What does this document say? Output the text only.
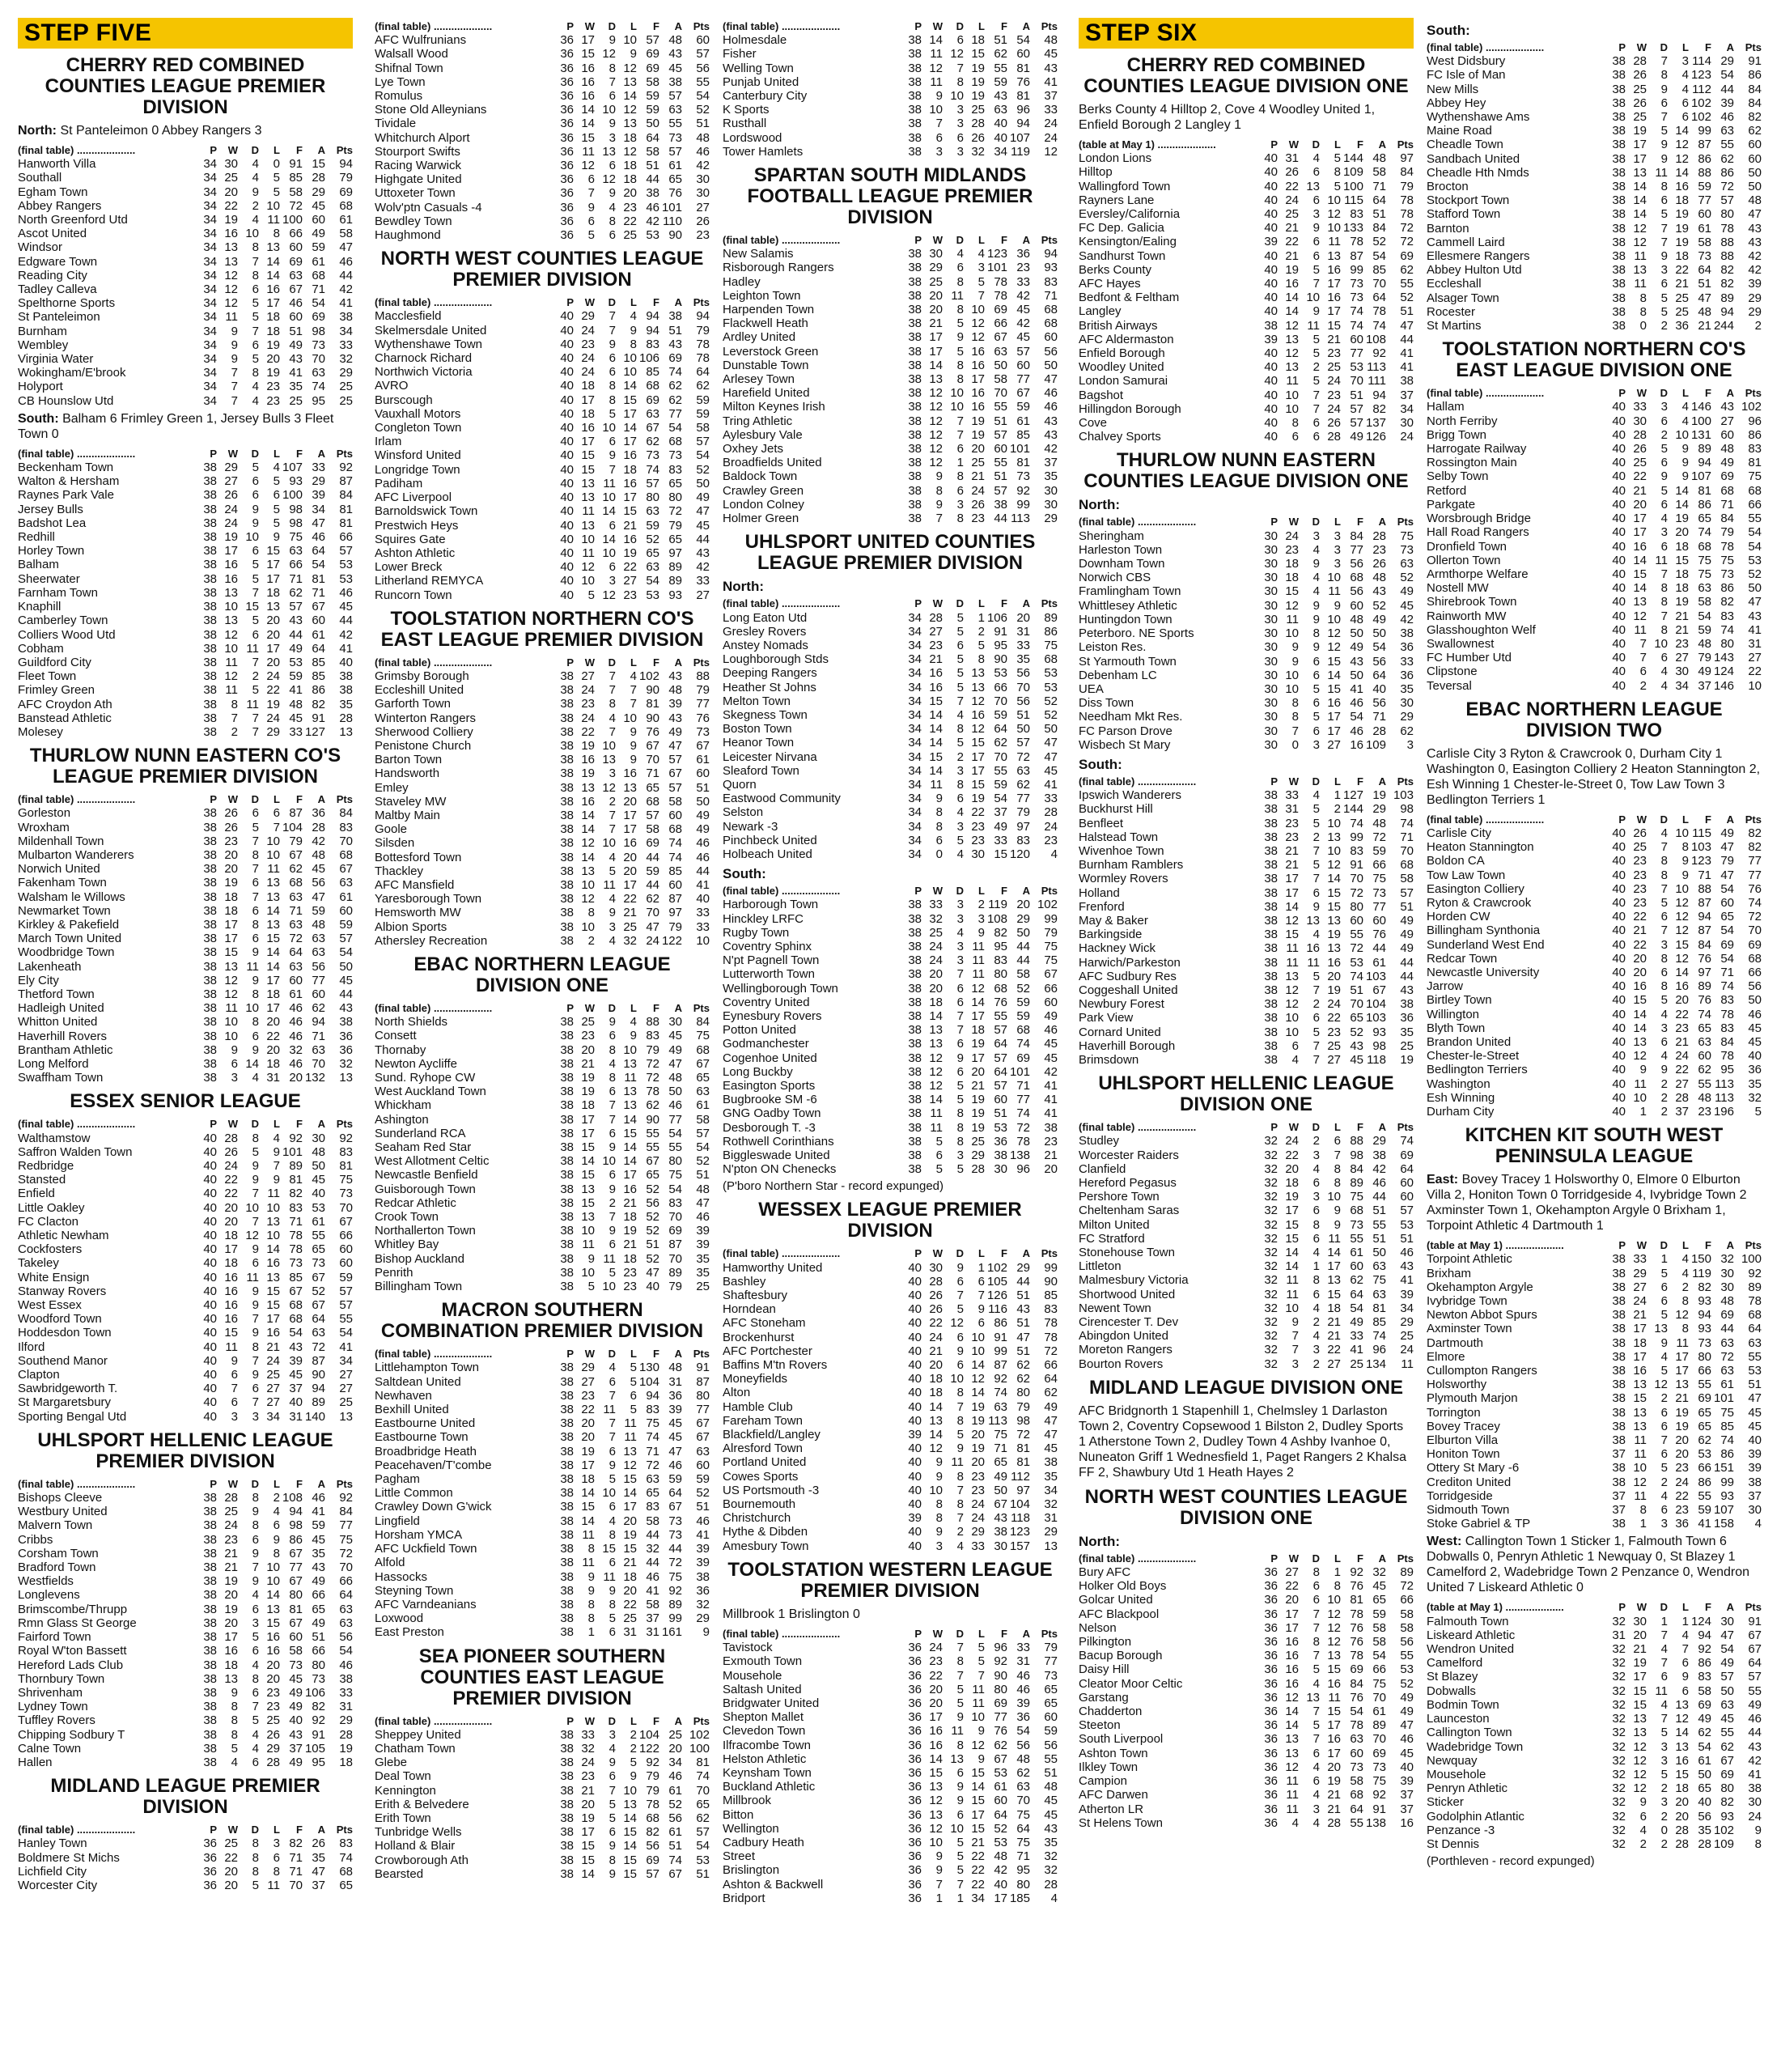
STEP FIVE
CHERRY RED COMBINED COUNTIES LEAGUE PREMIER DIVISION
North: St Panteleimon 0 Abbey Rangers 3
(final table) ....................	P	W	D	L	F	A	Pts
Hanworth Villa	34	30	4	0	91	15	94
Southall	34	25	4	5	85	28	79
Egham Town	34	20	9	5	58	29	69
Abbey Rangers	34	22	2	10	72	45	68
North Greenford Utd	34	19	4	11	100	60	61
Ascot United	34	16	10	8	66	49	58
Windsor	34	13	8	13	60	59	47
Edgware Town	34	13	7	14	69	61	46
Reading City	34	12	8	14	63	68	44
Tadley Calleva	34	12	6	16	67	71	42
Spelthorne Sports	34	12	5	17	46	54	41
St Panteleimon	34	11	5	18	60	69	38
Burnham	34	9	7	18	51	98	34
Wembley	34	9	6	19	49	73	33
Virginia Water	34	9	5	20	43	70	32
Wokingham/E'brook	34	7	8	19	41	63	29
Holyport	34	7	4	23	35	74	25
CB Hounslow Utd	34	7	4	23	25	95	25
South: Balham 6 Frimley Green 1, Jersey Bulls 3 Fleet Town 0
(final table) ....................	P	W	D	L	F	A	Pts
Beckenham Town	38	29	5	4	107	33	92
Walton & Hersham	38	27	6	5	93	29	87
Raynes Park Vale	38	26	6	6	100	39	84
Jersey Bulls	38	24	9	5	98	34	81
Badshot Lea	38	24	9	5	98	47	81
Redhill	38	19	10	9	75	46	66
Horley Town	38	17	6	15	63	64	57
Balham	38	16	5	17	66	54	53
Sheerwater	38	16	5	17	71	81	53
Farnham Town	38	13	7	18	62	71	46
Knaphill	38	10	15	13	57	67	45
Camberley Town	38	13	5	20	43	60	44
Colliers Wood Utd	38	12	6	20	44	61	42
Cobham	38	10	11	17	49	64	41
Guildford City	38	11	7	20	53	85	40
Fleet Town	38	12	2	24	59	85	38
Frimley Green	38	11	5	22	41	86	38
AFC Croydon Ath	38	8	11	19	48	82	35
Banstead Athletic	38	7	7	24	45	91	28
Molesey	38	2	7	29	33	127	13
THURLOW NUNN EASTERN CO'S LEAGUE PREMIER DIVISION
(final table) ....................	P	W	D	L	F	A	Pts
Gorleston	38	26	6	6	87	36	84
Wroxham	38	26	5	7	104	28	83
Mildenhall Town	38	23	7	10	79	42	70
Mulbarton Wanderers	38	20	8	10	67	48	68
Norwich United	38	20	7	11	62	45	67
Fakenham Town	38	19	6	13	68	56	63
Walsham le Willows	38	18	7	13	63	47	61
Newmarket Town	38	18	6	14	71	59	60
Kirkley & Pakefield	38	17	8	13	63	48	59
March Town United	38	17	6	15	72	63	57
Woodbridge Town	38	15	9	14	64	63	54
Lakenheath	38	13	11	14	63	56	50
Ely City	38	12	9	17	60	77	45
Thetford Town	38	12	8	18	61	60	44
Hadleigh United	38	11	10	17	46	62	43
Whitton United	38	10	8	20	46	94	38
Haverhill Rovers	38	10	6	22	46	71	36
Brantham Athletic	38	9	9	20	32	63	36
Long Melford	38	6	14	18	46	70	32
Swaffham Town	38	3	4	31	20	132	13
ESSEX SENIOR LEAGUE
(final table) ....................	P	W	D	L	F	A	Pts
Walthamstow	40	28	8	4	92	30	92
Saffron Walden Town	40	26	5	9	101	48	83
Redbridge	40	24	9	7	89	50	81
Stansted	40	22	9	9	81	45	75
Enfield	40	22	7	11	82	40	73
Little Oakley	40	20	10	10	83	53	70
FC Clacton	40	20	7	13	71	61	67
Athletic Newham	40	18	12	10	78	55	66
Cockfosters	40	17	9	14	78	65	60
Takeley	40	18	6	16	73	73	60
White Ensign	40	16	11	13	85	67	59
Stanway Rovers	40	16	9	15	67	52	57
West Essex	40	16	9	15	68	67	57
Woodford Town	40	16	7	17	68	64	55
Hoddesdon Town	40	15	9	16	54	63	54
Ilford	40	11	8	21	43	72	41
Southend Manor	40	9	7	24	39	87	34
Clapton	40	6	9	25	45	90	27
Sawbridgeworth T.	40	7	6	27	37	94	27
St Margaretsbury	40	6	7	27	40	89	25
Sporting Bengal Utd	40	3	3	34	31	140	13
UHLSPORT HELLENIC LEAGUE PREMIER DIVISION
(final table) ....................	P	W	D	L	F	A	Pts
Bishops Cleeve	38	28	8	2	108	46	92
Westbury United	38	25	9	4	94	41	84
Malvern Town	38	24	8	6	98	59	77
Cribbs	38	23	6	9	86	45	75
Corsham Town	38	21	9	8	67	35	72
Bradford Town	38	21	7	10	77	43	70
Westfields	38	19	9	10	67	49	66
Longlevens	38	20	4	14	80	66	64
Brimscombe/Thrupp	38	19	6	13	81	65	63
Rmn Glass St George	38	20	3	15	67	49	63
Fairford Town	38	17	5	16	60	51	56
Royal W'ton Bassett	38	16	6	16	58	66	54
Hereford Lads Club	38	18	4	20	73	80	46
Thornbury Town	38	13	8	20	45	73	38
Shrivenham	38	9	6	23	49	106	33
Lydney Town	38	8	7	23	49	82	31
Tuffley Rovers	38	8	5	25	40	92	29
Chipping Sodbury T	38	8	4	26	43	91	28
Calne Town	38	5	4	29	37	105	19
Hallen	38	4	6	28	49	95	18
MIDLAND LEAGUE PREMIER DIVISION
(final table) ....................	P	W	D	L	F	A	Pts
Hanley Town	36	25	8	3	82	26	83
Boldmere St Michs	36	22	8	6	71	35	74
Lichfield City	36	20	8	8	71	47	68
Worcester City	36	20	5	11	70	37	65
(final table) ....................	P	W	D	L	F	A	Pts
AFC Wulfrunians	36	17	9	10	57	48	60
Walsall Wood	36	15	12	9	69	43	57
Shifnal Town	36	16	8	12	69	45	56
Lye Town	36	16	7	13	58	38	55
Romulus	36	16	6	14	59	57	54
Stone Old Alleynians	36	14	10	12	59	63	52
Tividale	36	14	9	13	50	55	51
Whitchurch Alport	36	15	3	18	64	73	48
Stourport Swifts	36	11	13	12	58	57	46
Racing Warwick	36	12	6	18	51	61	42
Highgate United	36	6	12	18	44	65	30
Uttoxeter Town	36	7	9	20	38	76	30
Wolv'ptn Casuals -4	36	9	4	23	46	101	27
Bewdley Town	36	6	8	22	42	110	26
Haughmond	36	5	6	25	53	90	23
NORTH WEST COUNTIES LEAGUE PREMIER DIVISION
(final table) ....................	P	W	D	L	F	A	Pts
Macclesfield	40	29	7	4	94	38	94
Skelmersdale United	40	24	7	9	94	51	79
Wythenshawe Town	40	23	9	8	83	43	78
Charnock Richard	40	24	6	10	106	69	78
Northwich Victoria	40	24	6	10	85	74	64
AVRO	40	18	8	14	68	62	62
Burscough	40	17	8	15	69	62	59
Vauxhall Motors	40	18	5	17	63	77	59
Congleton Town	40	16	10	14	67	54	58
Irlam	40	17	6	17	62	68	57
Winsford United	40	15	9	16	73	73	54
Longridge Town	40	15	7	18	74	83	52
Padiham	40	13	11	16	57	65	50
AFC Liverpool	40	13	10	17	80	80	49
Barnoldswick Town	40	11	14	15	63	72	47
Prestwich Heys	40	13	6	21	59	79	45
Squires Gate	40	10	14	16	52	65	44
Ashton Athletic	40	11	10	19	65	97	43
Lower Breck	40	12	6	22	63	89	42
Litherland REMYCA	40	10	3	27	54	89	33
Runcorn Town	40	5	12	23	53	93	27
TOOLSTATION NORTHERN CO'S EAST LEAGUE PREMIER DIVISION
(final table) ....................	P	W	D	L	F	A	Pts
Grimsby Borough	38	27	7	4	102	43	88
Eccleshill United	38	24	7	7	90	48	79
Garforth Town	38	23	8	7	81	39	77
Winterton Rangers	38	24	4	10	90	43	76
Sherwood Colliery	38	22	7	9	76	49	73
Penistone Church	38	19	10	9	67	47	67
Barton Town	38	16	13	9	70	57	61
Handsworth	38	19	3	16	71	67	60
Emley	38	13	12	13	65	57	51
Staveley MW	38	16	2	20	68	58	50
Maltby Main	38	14	7	17	57	60	49
Goole	38	14	7	17	58	68	49
Silsden	38	12	10	16	69	74	46
Bottesford Town	38	14	4	20	44	74	46
Thackley	38	13	5	20	59	85	44
AFC Mansfield	38	10	11	17	44	60	41
Yaresborough Town	38	12	4	22	62	87	40
Hemsworth MW	38	8	9	21	70	97	33
Albion Sports	38	10	3	25	47	79	33
Athersley Recreation	38	2	4	32	24	122	10
EBAC NORTHERN LEAGUE DIVISION ONE
(final table) ....................	P	W	D	L	F	A	Pts
North Shields	38	25	9	4	88	30	84
Consett	38	23	6	9	83	45	75
Thornaby	38	20	8	10	79	49	68
Newton Aycliffe	38	21	4	13	72	47	67
Sund. Ryhope CW	38	19	8	11	72	48	65
West Auckland Town	38	19	6	13	78	50	63
Whickham	38	18	7	13	62	46	61
Ashington	38	17	7	14	90	77	58
Sunderland RCA	38	17	6	15	55	54	57
Seaham Red Star	38	15	9	14	55	55	54
West Allotment Celtic	38	14	10	14	67	80	52
Newcastle Benfield	38	15	6	17	65	75	51
Guisborough Town	38	13	9	16	52	54	48
Redcar Athletic	38	15	2	21	56	83	47
Crook Town	38	13	7	18	52	70	46
Northallerton Town	38	10	9	19	52	69	39
Whitley Bay	38	11	6	21	51	87	39
Bishop Auckland	38	9	11	18	52	70	35
Penrith	38	10	5	23	47	89	35
Billingham Town	38	5	10	23	40	79	25
MACRON SOUTHERN COMBINATION PREMIER DIVISION
(final table) ....................	P	W	D	L	F	A	Pts
Littlehampton Town	38	29	4	5	130	48	91
Saltdean United	38	27	6	5	104	31	87
Newhaven	38	23	7	6	94	36	80
Bexhill United	38	22	11	5	83	39	77
Eastbourne United	38	20	7	11	75	45	67
Eastbourne Town	38	20	7	11	74	45	67
Broadbridge Heath	38	19	6	13	71	47	63
Peacehaven/T'combe	38	17	9	12	72	46	60
Pagham	38	18	5	15	63	59	59
Little Common	38	14	10	14	65	64	52
Crawley Down G'wick	38	15	6	17	83	67	51
Lingfield	38	14	4	20	58	73	46
Horsham YMCA	38	11	8	19	44	73	41
AFC Uckfield Town	38	8	15	15	32	44	39
Alfold	38	11	6	21	44	72	39
Hassocks	38	9	11	18	46	75	38
Steyning Town	38	9	9	20	41	92	36
AFC Varndeanians	38	8	8	22	58	89	32
Loxwood	38	8	5	25	37	99	29
East Preston	38	1	6	31	31	161	9
SEA PIONEER SOUTHERN COUNTIES EAST LEAGUE PREMIER DIVISION
(final table) ....................	P	W	D	L	F	A	Pts
Sheppey United	38	33	3	2	104	25	102
Chatham Town	38	32	4	2	122	20	100
Glebe	38	24	9	5	92	34	81
Deal Town	38	23	6	9	79	46	74
Kennington	38	21	7	10	79	61	70
Erith & Belvedere	38	20	5	13	78	52	65
Erith Town	38	19	5	14	68	56	62
Tunbridge Wells	38	17	6	15	82	61	57
Holland & Blair	38	15	9	14	56	51	54
Crowborough Ath	38	15	8	15	69	74	53
Bearsted	38	14	9	15	57	67	51
(final table) ....................	P	W	D	L	F	A	Pts
Holmesdale	38	14	6	18	51	54	48
Fisher	38	11	12	15	62	60	45
Welling Town	38	12	7	19	55	81	43
Punjab United	38	11	8	19	59	76	41
Canterbury City	38	9	10	19	43	81	37
K Sports	38	10	3	25	63	96	33
Rusthall	38	7	3	28	40	94	24
Lordswood	38	6	6	26	40	107	24
Tower Hamlets	38	3	3	32	34	119	12
SPARTAN SOUTH MIDLANDS FOOTBALL LEAGUE PREMIER DIVISION
(final table) ....................	P	W	D	L	F	A	Pts
New Salamis	38	30	4	4	123	36	94
Risborough Rangers	38	29	6	3	101	23	93
Hadley	38	25	8	5	78	33	83
Leighton Town	38	20	11	7	78	42	71
Harpenden Town	38	20	8	10	69	45	68
Flackwell Heath	38	21	5	12	66	42	68
Ardley United	38	17	9	12	67	45	60
Leverstock Green	38	17	5	16	63	57	56
Dunstable Town	38	14	8	16	50	60	50
Arlesey Town	38	13	8	17	58	77	47
Harefield United	38	12	10	16	70	67	46
Milton Keynes Irish	38	12	10	16	55	59	46
Tring Athletic	38	12	7	19	51	61	43
Aylesbury Vale	38	12	7	19	57	85	43
Oxhey Jets	38	12	6	20	60	101	42
Broadfields United	38	12	1	25	55	81	37
Baldock Town	38	9	8	21	51	73	35
Crawley Green	38	8	6	24	57	92	30
London Colney	38	9	3	26	38	99	30
Holmer Green	38	7	8	23	44	113	29
UHLSPORT UNITED COUNTIES LEAGUE PREMIER DIVISION
North:
(final table) ....................	P	W	D	L	F	A	Pts
Long Eaton Utd	34	28	5	1	106	20	89
Gresley Rovers	34	27	5	2	91	31	86
Anstey Nomads	34	23	6	5	95	33	75
Loughborough Stds	34	21	5	8	90	35	68
Deeping Rangers	34	16	5	13	53	56	53
Heather St Johns	34	16	5	13	66	70	53
Melton Town	34	15	7	12	70	56	52
Skegness Town	34	14	4	16	59	51	52
Boston Town	34	14	8	12	64	50	50
Heanor Town	34	14	5	15	62	57	47
Leicester Nirvana	34	15	2	17	70	72	47
Sleaford Town	34	14	3	17	55	63	45
Quorn	34	11	8	15	59	62	41
Eastwood Community	34	9	6	19	54	77	33
Selston	34	8	4	22	37	79	28
Newark -3	34	8	3	23	49	97	24
Pinchbeck United	34	6	5	23	33	83	23
Holbeach United	34	0	4	30	15	120	4
South:
(final table) ....................	P	W	D	L	F	A	Pts
Harborough Town	38	33	3	2	119	20	102
Hinckley LRFC	38	32	3	3	108	29	99
Rugby Town	38	25	4	9	82	50	79
Coventry Sphinx	38	24	3	11	95	44	75
N'pt Pagnell Town	38	24	3	11	83	44	75
Lutterworth Town	38	20	7	11	80	58	67
Wellingborough Town	38	20	6	12	68	52	66
Coventry United	38	18	6	14	76	59	60
Eynesbury Rovers	38	14	7	17	55	59	49
Potton United	38	13	7	18	57	68	46
Godmanchester	38	13	6	19	64	74	45
Cogenhoe United	38	12	9	17	57	69	45
Long Buckby	38	12	6	20	64	101	42
Easington Sports	38	12	5	21	57	71	41
Bugbrooke SM -6	38	14	5	19	60	77	41
GNG Oadby Town	38	11	8	19	51	74	41
Desborough T. -3	38	11	8	19	53	72	38
Rothwell Corinthians	38	5	8	25	36	78	23
Biggleswade United	38	6	3	29	38	138	21
N'pton ON Chenecks	38	5	5	28	30	96	20
(P'boro Northern Star - record expunged)
WESSEX LEAGUE PREMIER DIVISION
(final table) ....................	P	W	D	L	F	A	Pts
Hamworthy United	40	30	9	1	102	29	99
Bashley	40	28	6	6	105	44	90
Shaftesbury	40	26	7	7	126	51	85
Horndean	40	26	5	9	116	43	83
AFC Stoneham	40	22	12	6	86	51	78
Brockenhurst	40	24	6	10	91	47	78
AFC Portchester	40	21	9	10	99	51	72
Baffins M'tn Rovers	40	20	6	14	87	62	66
Moneyfields	40	18	10	12	92	62	64
Alton	40	18	8	14	74	80	62
Hamble Club	40	14	7	19	63	79	49
Fareham Town	40	13	8	19	113	98	47
Blackfield/Langley	39	14	5	20	75	72	47
Alresford Town	40	12	9	19	71	81	45
Portland United	40	9	11	20	65	81	38
Cowes Sports	40	9	8	23	49	112	35
US Portsmouth -3	40	10	7	23	50	97	34
Bournemouth	40	8	8	24	67	104	32
Christchurch	39	8	7	24	43	118	31
Hythe & Dibden	40	9	2	29	38	123	29
Amesbury Town	40	3	4	33	30	157	13
TOOLSTATION WESTERN LEAGUE PREMIER DIVISION
Millbrook 1 Brislington 0
(final table) ....................	P	W	D	L	F	A	Pts
Tavistock	36	24	7	5	96	33	79
Exmouth Town	36	23	8	5	92	31	77
Mousehole	36	22	7	7	90	46	73
Saltash United	36	20	5	11	80	46	65
Bridgwater United	36	20	5	11	69	39	65
Shepton Mallet	36	17	9	10	77	36	60
Clevedon Town	36	16	11	9	76	54	59
Ilfracombe Town	36	16	8	12	62	56	56
Helston Athletic	36	14	13	9	67	48	55
Keynsham Town	36	15	6	15	53	62	51
Buckland Athletic	36	13	9	14	61	63	48
Millbrook	36	12	9	15	60	70	45
Bitton	36	13	6	17	64	75	45
Wellington	36	12	10	15	52	64	43
Cadbury Heath	36	10	5	21	53	75	35
Street	36	9	5	22	48	71	32
Brislington	36	9	5	22	42	95	32
Ashton & Backwell	36	7	7	22	40	80	28
Bridport	36	1	1	34	17	185	4
STEP SIX
CHERRY RED COMBINED COUNTIES LEAGUE DIVISION ONE
Berks County 4 Hilltop 2, Cove 4 Woodley United 1, Enfield Borough 2 Langley 1
(table at May 1) ....................	P	W	D	L	F	A	Pts
London Lions	40	31	4	5	144	48	97
Hilltop	40	26	6	8	109	58	84
Wallingford Town	40	22	13	5	100	71	79
Rayners Lane	40	24	6	10	115	64	78
Eversley/California	40	25	3	12	83	51	78
FC Dep. Galicia	40	21	9	10	133	84	72
Kensington/Ealing	39	22	6	11	78	52	72
Sandhurst Town	40	21	6	13	87	54	69
Berks County	40	19	5	16	99	85	62
AFC Hayes	40	16	7	17	73	70	55
Bedfont & Feltham	40	14	10	16	73	64	52
Langley	40	14	9	17	74	78	51
British Airways	38	12	11	15	74	74	47
AFC Aldermaston	39	13	5	21	60	108	44
Enfield Borough	40	12	5	23	77	92	41
Woodley United	40	13	2	25	53	113	41
London Samurai	40	11	5	24	70	111	38
Bagshot	40	10	7	23	51	94	37
Hillingdon Borough	40	10	7	24	57	82	34
Cove	40	8	6	26	57	137	30
Chalvey Sports	40	6	6	28	49	126	24
THURLOW NUNN EASTERN COUNTIES LEAGUE DIVISION ONE
North:
(final table) ....................	P	W	D	L	F	A	Pts
Sheringham	30	24	3	3	84	28	75
Harleston Town	30	23	4	3	77	23	73
Downham Town	30	18	9	3	56	26	63
Norwich CBS	30	18	4	10	68	48	52
Framlingham Town	30	15	4	11	56	43	49
Whittlesey Athletic	30	12	9	9	60	52	45
Huntingdon Town	30	11	9	10	48	49	42
Peterboro. NE Sports	30	10	8	12	50	50	38
Leiston Res.	30	9	9	12	49	54	36
St Yarmouth Town	30	9	6	15	43	56	33
Debenham LC	30	10	6	14	50	64	36
UEA	30	10	5	15	41	40	35
Diss Town	30	8	6	16	46	56	30
Needham Mkt Res.	30	8	5	17	54	71	29
FC Parson Drove	30	7	6	17	46	28	62
Wisbech St Mary	30	0	3	27	16	109	3
South:
(final table) ....................	P	W	D	L	F	A	Pts
Ipswich Wanderers	38	33	4	1	127	19	103
Buckhurst Hill	38	31	5	2	144	29	98
Benfleet	38	23	5	10	74	48	74
Halstead Town	38	23	2	13	99	72	71
Wivenhoe Town	38	21	7	10	83	59	70
Burnham Ramblers	38	21	5	12	91	66	68
Wormley Rovers	38	17	7	14	70	75	58
Holland	38	17	6	15	72	73	57
Frenford	38	14	9	15	80	77	51
May & Baker	38	12	13	13	60	60	49
Barkingside	38	15	4	19	55	76	49
Hackney Wick	38	11	16	13	72	44	49
Harwich/Parkeston	38	11	11	16	53	61	44
AFC Sudbury Res	38	13	5	20	74	103	44
Coggeshall United	38	12	7	19	51	67	43
Newbury Forest	38	12	2	24	70	104	38
Park View	38	10	6	22	65	103	36
Cornard United	38	10	5	23	52	93	35
Haverhill Borough	38	6	7	25	43	98	25
Brimsdown	38	4	7	27	45	118	19
UHLSPORT HELLENIC LEAGUE DIVISION ONE
(final table) ....................	P	W	D	L	F	A	Pts
Studley	32	24	2	6	88	29	74
Worcester Raiders	32	22	3	7	98	38	69
Clanfield	32	20	4	8	84	42	64
Hereford Pegasus	32	18	6	8	89	46	60
Pershore Town	32	19	3	10	75	44	60
Cheltenham Saras	32	17	6	9	68	51	57
Milton United	32	15	8	9	73	55	53
FC Stratford	32	15	6	11	55	51	51
Stonehouse Town	32	14	4	14	61	50	46
Littleton	32	14	1	17	60	63	43
Malmesbury Victoria	32	11	8	13	62	75	41
Shortwood United	32	11	6	15	64	63	39
Newent Town	32	10	4	18	54	81	34
Cirencester T. Dev	32	9	2	21	49	85	29
Abingdon United	32	7	4	21	33	74	25
Moreton Rangers	32	7	3	22	41	96	24
Bourton Rovers	32	3	2	27	25	134	11
MIDLAND LEAGUE DIVISION ONE
AFC Bridgnorth 1 Stapenhill 1, Chelmsley 1 Darlaston Town 2, Coventry Copsewood 1 Bilston 2, Dudley Sports 1 Atherstone Town 2, Dudley Town 4 Ashby Ivanhoe 0, Nuneaton Griff 1 Wednesfield 1, Paget Rangers 2 Khalsa FF 2, Shawbury Utd 1 Heath Hayes 2
NORTH WEST COUNTIES LEAGUE DIVISION ONE
North:
(final table) ....................	P	W	D	L	F	A	Pts
Bury AFC	36	27	8	1	92	32	89
Holker Old Boys	36	22	6	8	76	45	72
Golcar United	36	20	6	10	81	65	66
AFC Blackpool	36	17	7	12	78	59	58
Nelson	36	17	7	12	76	58	58
Pilkington	36	16	8	12	76	58	56
Bacup Borough	36	16	7	13	78	54	55
Daisy Hill	36	16	5	15	69	66	53
Cleator Moor Celtic	36	16	4	16	84	75	52
Garstang	36	12	13	11	76	70	49
Chadderton	36	14	7	15	54	61	49
Steeton	36	14	5	17	78	89	47
South Liverpool	36	13	7	16	63	70	46
Ashton Town	36	13	6	17	60	69	45
Ilkley Town	36	12	4	20	73	73	40
Campion	36	11	6	19	58	75	39
AFC Darwen	36	11	4	21	68	92	37
Atherton LR	36	11	3	21	64	91	37
St Helens Town	36	4	4	28	55	138	16
South:
(final table) ....................	P	W	D	L	F	A	Pts
West Didsbury	38	28	7	3	114	29	91
FC Isle of Man	38	26	8	4	123	54	86
New Mills	38	25	9	4	112	44	84
Abbey Hey	38	26	6	6	102	39	84
Wythenshawe Ams	38	25	7	6	102	46	82
Maine Road	38	19	5	14	99	63	62
Cheadle Town	38	17	9	12	87	55	60
Sandbach United	38	17	9	12	86	62	60
Cheadle Hth Nmds	38	13	11	14	88	86	50
Brocton	38	14	8	16	59	72	50
Stockport Town	38	14	6	18	77	57	48
Stafford Town	38	14	5	19	60	80	47
Barnton	38	12	7	19	61	78	43
Cammell Laird	38	12	7	19	58	88	43
Ellesmere Rangers	38	11	9	18	73	88	42
Abbey Hulton Utd	38	13	3	22	64	82	42
Eccleshall	38	11	6	21	51	82	39
Alsager Town	38	8	5	25	47	89	29
Rocester	38	8	5	25	48	94	29
St Martins	38	0	2	36	21	244	2
TOOLSTATION NORTHERN CO'S EAST LEAGUE DIVISION ONE
(final table) ....................	P	W	D	L	F	A	Pts
Hallam	40	33	3	4	146	43	102
North Ferriby	40	30	6	4	100	27	96
Brigg Town	40	28	2	10	131	60	86
Harrogate Railway	40	26	5	9	89	48	83
Rossington Main	40	25	6	9	94	49	81
Selby Town	40	22	9	9	107	69	75
Retford	40	21	5	14	81	68	68
Parkgate	40	20	6	14	86	71	66
Worsbrough Bridge	40	17	4	19	65	84	55
Hall Road Rangers	40	17	3	20	74	79	54
Dronfield Town	40	16	6	18	68	78	54
Ollerton Town	40	14	11	15	75	75	53
Armthorpe Welfare	40	15	7	18	75	73	52
Nostell MW	40	14	8	18	63	86	50
Shirebrook Town	40	13	8	19	58	82	47
Rainworth MW	40	12	7	21	54	83	43
Glasshoughton Welf	40	11	8	21	59	74	41
Swallownest	40	7	10	23	48	80	31
FC Humber Utd	40	7	6	27	79	143	27
Clipstone	40	6	4	30	49	124	22
Teversal	40	2	4	34	37	146	10
EBAC NORTHERN LEAGUE DIVISION TWO
Carlisle City 3 Ryton & Crawcrook 0, Durham City 1 Washington 0, Easington Colliery 2 Heaton Stannington 2, Esh Winning 1 Chester-le-Street 0, Tow Law Town 3 Bedlington Terriers 1
(final table) ....................	P	W	D	L	F	A	Pts
Carlisle City	40	26	4	10	115	49	82
Heaton Stannington	40	25	7	8	103	47	82
Boldon CA	40	23	8	9	123	79	77
Tow Law Town	40	23	8	9	71	47	77
Easington Colliery	40	23	7	10	88	54	76
Ryton & Crawcrook	40	23	5	12	87	60	74
Horden CW	40	22	6	12	94	65	72
Billingham Synthonia	40	21	7	12	87	54	70
Sunderland West End	40	22	3	15	84	69	69
Redcar Town	40	20	8	12	76	54	68
Newcastle University	40	20	6	14	97	71	66
Jarrow	40	16	8	16	89	74	56
Birtley Town	40	15	5	20	76	83	50
Willington	40	14	4	22	74	78	46
Blyth Town	40	14	3	23	65	83	45
Brandon United	40	13	6	21	63	84	45
Chester-le-Street	40	12	4	24	60	78	40
Bedlington Terriers	40	9	9	22	62	95	36
Washington	40	11	2	27	55	113	35
Esh Winning	40	10	2	28	48	113	32
Durham City	40	1	2	37	23	196	5
KITCHEN KIT SOUTH WEST PENINSULA LEAGUE
East: Bovey Tracey 1 Holsworthy 0, Elmore 0 Elburton Villa 2, Honiton Town 0 Torridgeside 4, Ivybridge Town 2 Axminster Town 1, Okehampton Argyle 0 Brixham 1, Torpoint Athletic 4 Dartmouth 1
(table at May 1) ....................	P	W	D	L	F	A	Pts
Torpoint Athletic	38	33	1	4	150	32	100
Brixham	38	29	5	4	119	30	92
Okehampton Argyle	38	27	6	2	82	30	89
Ivybridge Town	38	24	6	8	93	48	78
Newton Abbot Spurs	38	21	5	12	94	69	68
Axminster Town	38	17	13	8	93	44	64
Dartmouth	38	18	9	11	73	63	63
Elmore	38	17	4	17	80	72	55
Cullompton Rangers	38	16	5	17	66	63	53
Holsworthy	38	13	12	13	55	61	51
Plymouth Marjon	38	15	2	21	69	101	47
Torrington	38	13	6	19	65	75	45
Bovey Tracey	38	13	6	19	65	85	45
Elburton Villa	38	11	7	20	62	74	40
Honiton Town	37	11	6	20	53	86	39
Ottery St Mary -6	38	10	5	23	66	151	39
Crediton United	38	12	2	24	86	99	38
Torridgeside	37	11	4	22	55	93	37
Sidmouth Town	37	8	6	23	59	107	30
Stoke Gabriel & TP	38	1	3	36	41	158	4
West: Callington Town 1 Sticker 1, Falmouth Town 6 Dobwalls 0, Penryn Athletic 1 Newquay 0, St Blazey 1 Camelford 2, Wadebridge Town 2 Penzance 0, Wendron United 7 Liskeard Athletic 0
(table at May 1) ....................	P	W	D	L	F	A	Pts
Falmouth Town	32	30	1	1	124	30	91
Liskeard Athletic	31	20	7	4	94	47	67
Wendron United	32	21	4	7	92	54	67
Camelford	32	19	7	6	86	49	64
St Blazey	32	17	6	9	83	57	57
Dobwalls	32	15	11	6	58	50	55
Bodmin Town	32	15	4	13	69	63	49
Launceston	32	13	7	12	49	45	46
Callington Town	32	13	5	14	62	55	44
Wadebridge Town	32	12	3	13	54	62	43
Newquay	32	12	3	16	61	67	42
Mousehole	32	12	5	15	50	69	41
Penryn Athletic	32	12	2	18	65	80	38
Sticker	32	9	3	20	40	82	30
Godolphin Atlantic	32	6	2	20	56	93	24
Penzance -3	32	4	0	28	35	102	9
St Dennis	32	2	2	28	28	109	8
(Porthleven - record expunged)
